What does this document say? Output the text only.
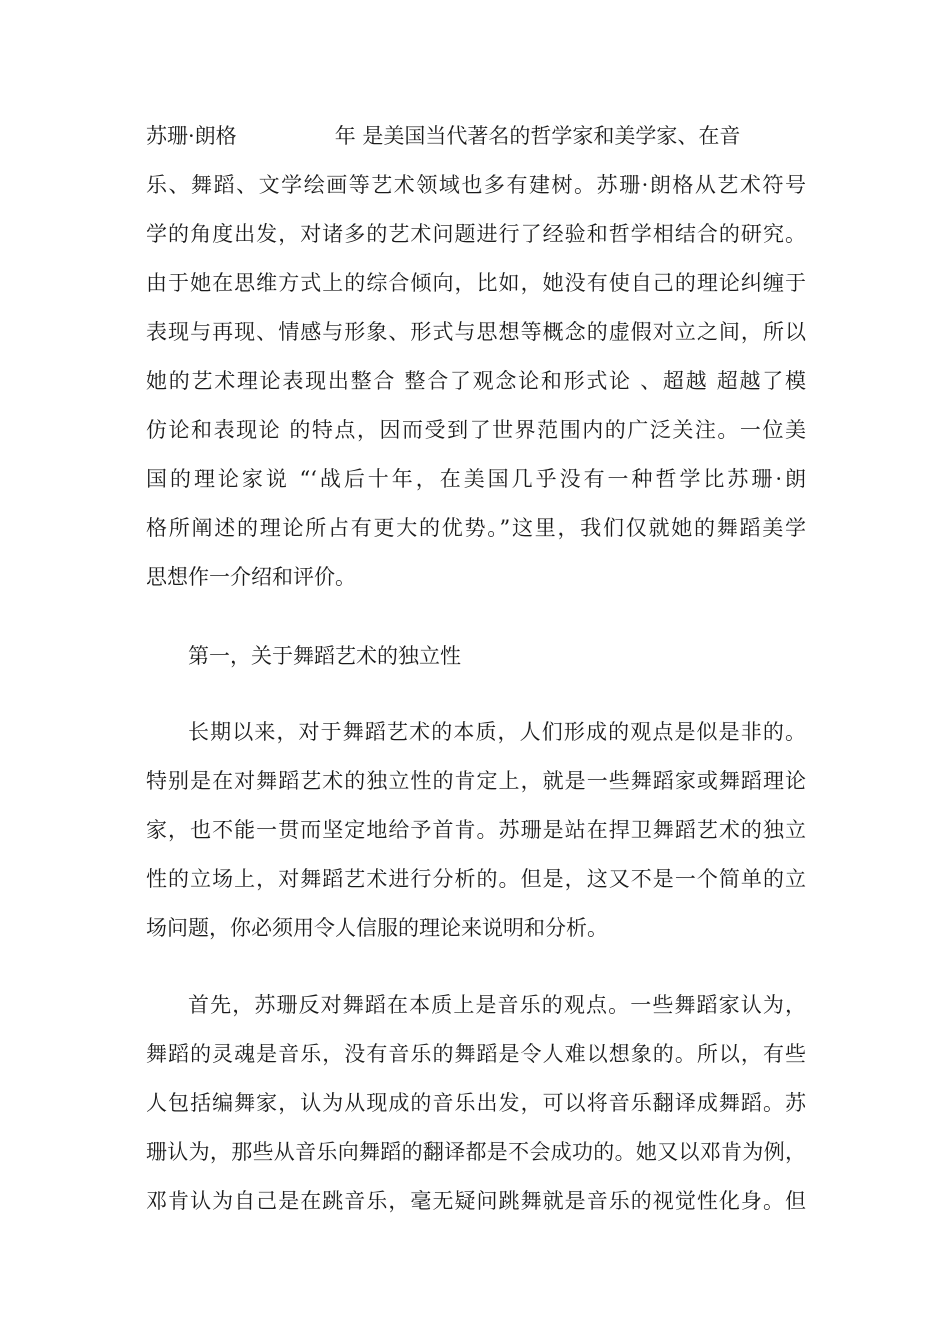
苏珊·朗格	年 是美国当代著名的哲学家和美学家、在音
乐、舞蹈、文学绘画等艺术领域也多有建树。苏珊·朗格从艺术符号
学的角度出发，对诸多的艺术问题进行了经验和哲学相结合的研究。
由于她在思维方式上的综合倾向，比如，她没有使自己的理论纠缠于
表现与再现、情感与形象、形式与思想等概念的虚假对立之间，所以
她的艺术理论表现出整合 整合了观念论和形式论 、超越 超越了模
仿论和表现论 的特点，因而受到了世界范围内的广泛关注。一位美
国的理论家说 “‘战后十年，在美国几乎没有一种哲学比苏珊·朗
格所阐述的理论所占有更大的优势。”这里，我们仅就她的舞蹈美学
思想作一介绍和评价。
第一，关于舞蹈艺术的独立性
长期以来，对于舞蹈艺术的本质，人们形成的观点是似是非的。
特别是在对舞蹈艺术的独立性的肯定上，就是一些舞蹈家或舞蹈理论
家，也不能一贯而坚定地给予首肯。苏珊是站在捍卫舞蹈艺术的独立
性的立场上，对舞蹈艺术进行分析的。但是，这又不是一个简单的立
场问题，你必须用令人信服的理论来说明和分析。
首先，苏珊反对舞蹈在本质上是音乐的观点。一些舞蹈家认为，
舞蹈的灵魂是音乐，没有音乐的舞蹈是令人难以想象的。所以，有些
人包括编舞家，认为从现成的音乐出发，可以将音乐翻译成舞蹈。苏
珊认为，那些从音乐向舞蹈的翻译都是不会成功的。她又以邓肯为例，
邓肯认为自己是在跳音乐，毫无疑问跳舞就是音乐的视觉性化身。但
